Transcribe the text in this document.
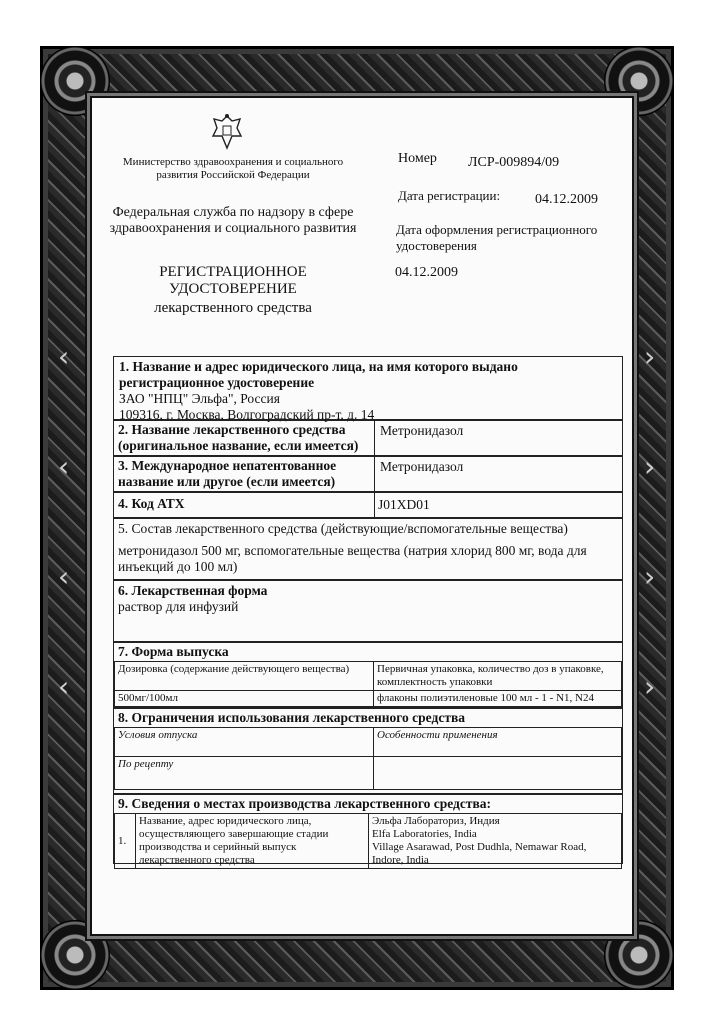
‹
‹
‹
‹
›
›
›
›
Министерство здравоохранения и социального развития Российской Федерации
Федеральная служба по надзору в сфере здравоохранения и социального развития
РЕГИСТРАЦИОННОЕ УДОСТОВЕРЕНИЕ
лекарственного средства
Номер ЛСР-009894/09
Дата регистрации: 04.12.2009
Дата оформления регистрационного удостоверения
04.12.2009
1. Название и адрес юридического лица, на имя которого выдано регистрационное удостоверение
ЗАО "НПЦ" Эльфа", Россия
109316, г. Москва, Волгоградский пр-т, д. 14
2. Название лекарственного средства (оригинальное название, если имеется)
Метронидазол
3. Международное непатентованное название или другое (если имеется)
Метронидазол
4. Код АТХ	J01XD01
5. Состав лекарственного средства (действующие/вспомогательные вещества)
метронидазол 500 мг, вспомогательные вещества (натрия хлорид 800 мг, вода для инъекций до 100 мл)
6. Лекарственная форма
раствор для инфузий
7. Форма выпуска
Дозировка (содержание действующего вещества)	Первичная упаковка, количество доз в упаковке, комплектность упаковки
500мг/100мл	флаконы полиэтиленовые 100 мл - 1 - N1, N24
8. Ограничения использования лекарственного средства
Условия отпуска	Особенности применения
По рецепту	
9. Сведения о местах производства лекарственного средства:
1.	Название, адрес юридического лица, осуществляющего завершающие стадии производства и серийный выпуск лекарственного средства	
Эльфа Лабораториз, Индия
Elfa Laboratories, India
Village Asarawad, Post Dudhla, Nemawar Road,
Indore, India
